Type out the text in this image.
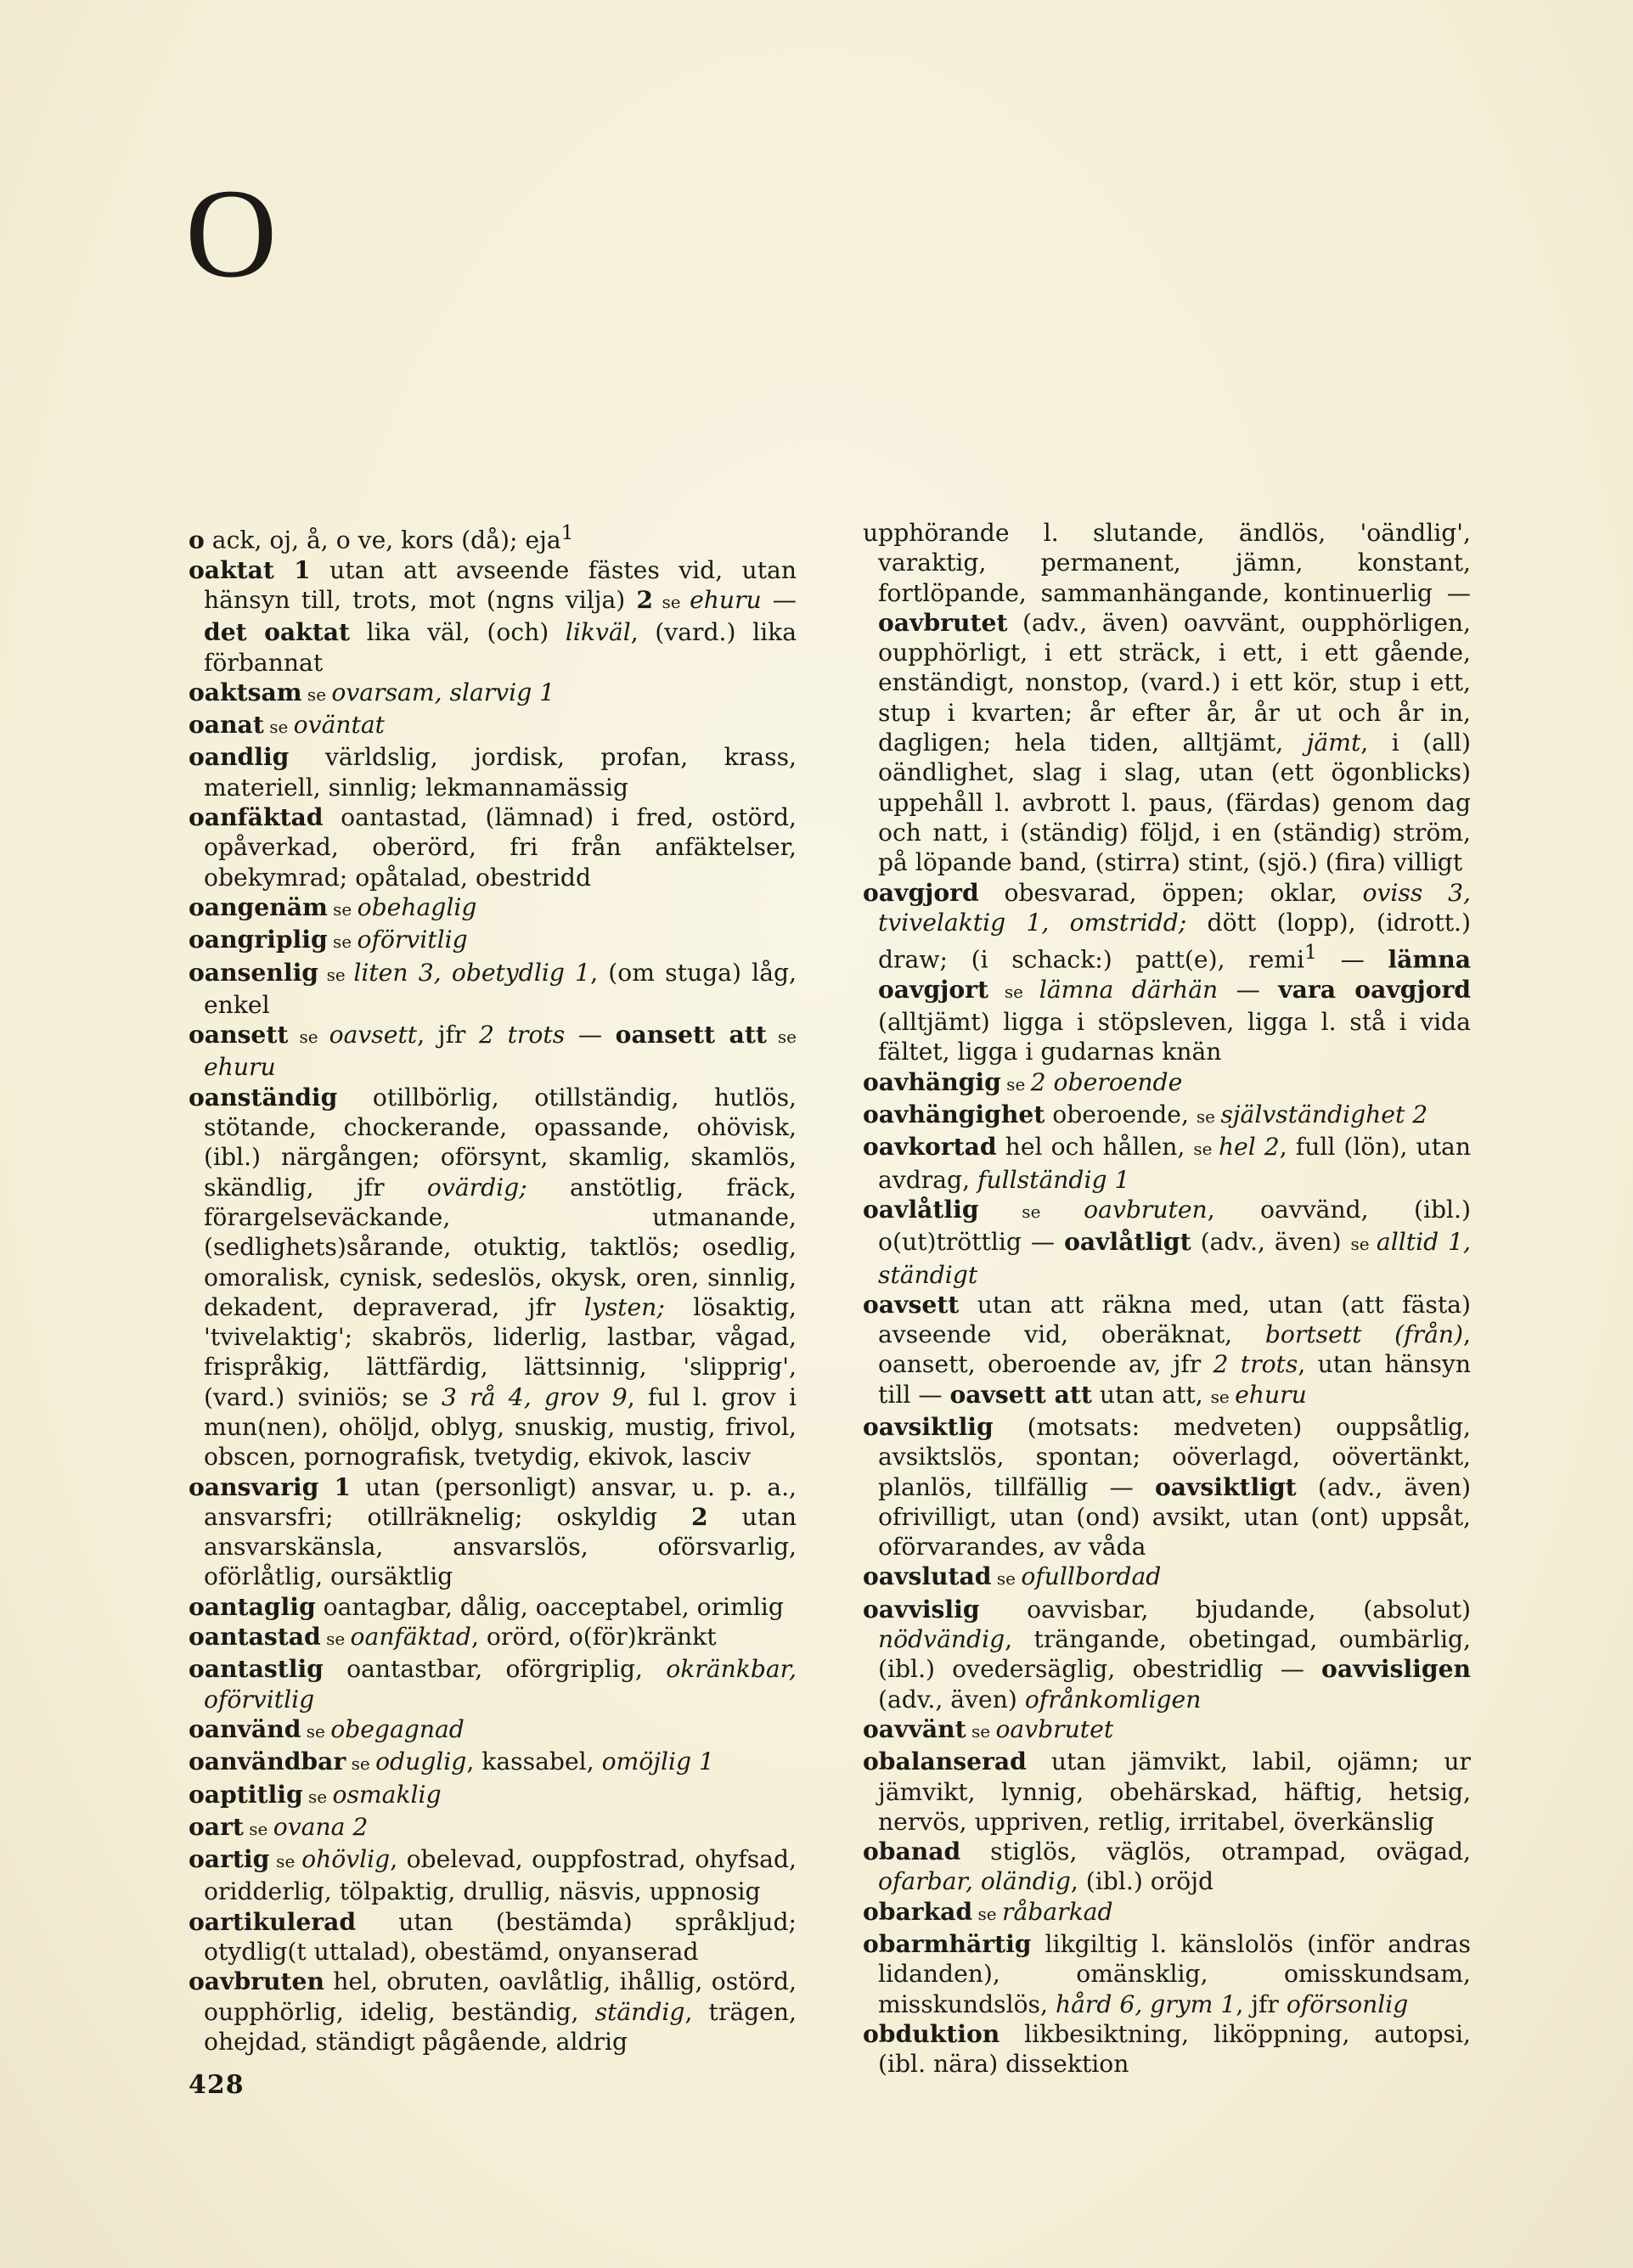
O

o ack, oj, å, o ve, kors (då); eja$^1$

oaktat 1 utan att avseende fästes vid, utan hänsyn till, trots, mot (ngns vilja) 2 se ehuru — det oaktat lika väl, (och) likväl, (vard.) lika förbannat

oaktsam se ovarsam, slarvig 1

oanat se oväntat

oandlig världslig, jordisk, profan, krass, materiell, sinnlig; lekmannamässig

oanfäktad oantastad, (lämnad) i fred, ostörd, opåverkad, oberörd, fri från anfäktelser, obekymrad; opåtalad, obestridd

oangenäm se obehaglig

oangriplig se oförvitlig

oansenlig se liten 3, obetydlig 1, (om stuga) låg, enkel

oansett se oavsett, jfr 2 trots — oansett att se ehuru

oanständig otillbörlig, otillständig, hutlös, stötande, chockerande, opassande, ohövisk, (ibl.) närgången; oförsynt, skamlig, skamlös, skändlig, jfr ovärdig; anstötlig, fräck, förargelseväckande, utmanande, (sedlighets)sårande, otuktig, taktlös; osedlig, omoralisk, cynisk, sedeslös, okysk, oren, sinnlig, dekadent, depraverad, jfr lysten; lösaktig, 'tvivelaktig'; skabrös, liderlig, lastbar, vågad, frispråkig, lättfärdig, lättsinnig, 'slipprig', (vard.) sviniös; se 3 rå 4, grov 9, ful l. grov i mun(nen), ohöljd, oblyg, snuskig, mustig, frivol, obscen, pornografisk, tvetydig, ekivok, lasciv

oansvarig 1 utan (personligt) ansvar, u. p. a., ansvarsfri; otillräknelig; oskyldig 2 utan ansvarskänsla, ansvarslös, oförsvarlig, oförlåtlig, oursäktlig

oantaglig oantagbar, dålig, oacceptabel, orimlig

oantastad se oanfäktad, orörd, o(för)kränkt

oantastlig oantastbar, oförgriplig, okränkbar, oförvitlig

oanvänd se obegagnad

oanvändbar se oduglig, kassabel, omöjlig 1

oaptitlig se osmaklig

oart se ovana 2

oartig se ohövlig, obelevad, ouppfostrad, ohyfsad, oridderlig, tölpaktig, drullig, näsvis, uppnosig

oartikulerad utan (bestämda) språkljud; otydlig(t uttalad), obestämd, onyanserad

oavbruten hel, obruten, oavlåtlig, ihållig, ostörd, oupphörlig, idelig, beständig, ständig, trägen, ohejdad, ständigt pågående, aldrig

upphörande l. slutande, ändlös, 'oändlig', varaktig, permanent, jämn, konstant, fortlöpande, sammanhängande, kontinuerlig — oavbrutet (adv., även) oavvänt, oupphörligen, oupphörligt, i ett sträck, i ett, i ett gående, enständigt, nonstop, (vard.) i ett kör, stup i ett, stup i kvarten; år efter år, år ut och år in, dagligen; hela tiden, alltjämt, jämt, i (all) oändlighet, slag i slag, utan (ett ögonblicks) uppehåll l. avbrott l. paus, (färdas) genom dag och natt, i (ständig) följd, i en (ständig) ström, på löpande band, (stirra) stint, (sjö.) (fira) villigt

oavgjord obesvarad, öppen; oklar, oviss 3, tvivelaktig 1, omstridd; dött (lopp), (idrott.) draw; (i schack:) patt(e), remi$^1$ — lämna oavgjort se lämna därhän — vara oavgjord (alltjämt) ligga i stöpsleven, ligga l. stå i vida fältet, ligga i gudarnas knän

oavhängig se 2 oberoende

oavhängighet oberoende, se självständighet 2

oavkortad hel och hållen, se hel 2, full (lön), utan avdrag, fullständig 1

oavlåtlig se oavbruten, oavvänd, (ibl.) o(ut)tröttlig — oavlåtligt (adv., även) se alltid 1, ständigt

oavsett utan att räkna med, utan (att fästa) avseende vid, oberäknat, bortsett (från), oansett, oberoende av, jfr 2 trots, utan hänsyn till — oavsett att utan att, se ehuru

oavsiktlig (motsats: medveten) ouppsåtlig, avsiktslös, spontan; oöverlagd, oövertänkt, planlös, tillfällig — oavsiktligt (adv., även) ofrivilligt, utan (ond) avsikt, utan (ont) uppsåt, oförvarandes, av våda

oavslutad se ofullbordad

oavvislig oavvisbar, bjudande, (absolut) nödvändig, trängande, obetingad, oumbärlig, (ibl.) ovedersäglig, obestridlig — oavvisligen (adv., även) ofrånkomligen

oavvänt se oavbrutet

obalanserad utan jämvikt, labil, ojämn; ur jämvikt, lynnig, obehärskad, häftig, hetsig, nervös, uppriven, retlig, irritabel, överkänslig

obanad stiglös, väglös, otrampad, ovägad, ofarbar, oländig, (ibl.) oröjd

obarkad se råbarkad

obarmhärtig likgiltig l. känslolös (inför andras lidanden), omänsklig, omisskundsam, misskundslös, hård 6, grym 1, jfr oförsonlig

obduktion likbesiktning, liköppning, autopsi, (ibl. nära) dissektion

428
